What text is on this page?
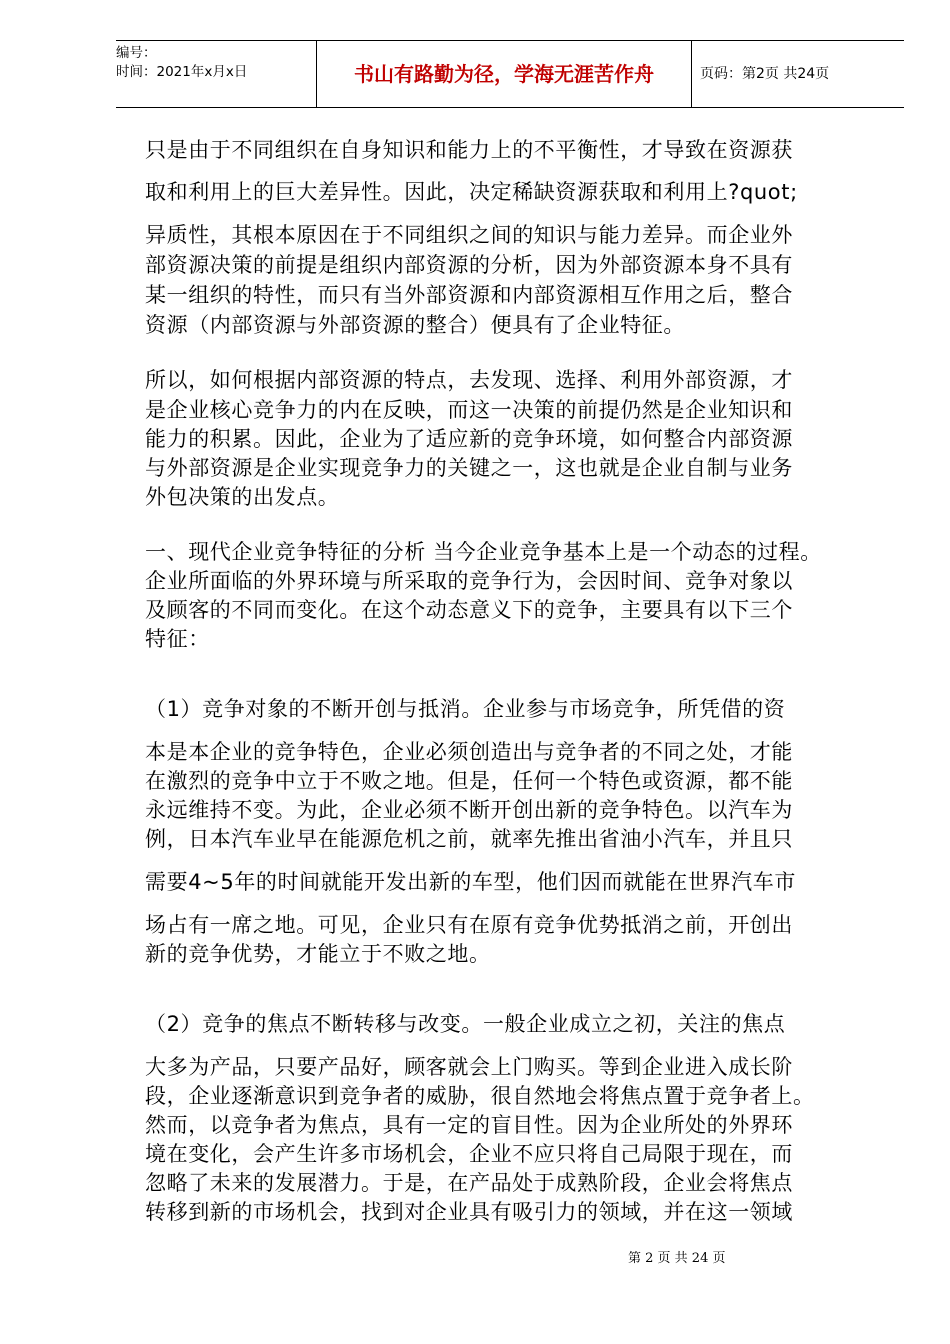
编号：
时间：2021年x月x日	书山有路勤为径，学海无涯苦作舟	页码：第2页 共24页
只是由于不同组织在自身知识和能力上的不平衡性，才导致在资源获
取和利用上的巨大差异性。因此，决定稀缺资源获取和利用上?quot;
异质性，其根本原因在于不同组织之间的知识与能力差异。而企业外
部资源决策的前提是组织内部资源的分析，因为外部资源本身不具有
某一组织的特性，而只有当外部资源和内部资源相互作用之后，整合
资源（内部资源与外部资源的整合）便具有了企业特征。
所以，如何根据内部资源的特点，去发现、选择、利用外部资源，才
是企业核心竞争力的内在反映，而这一决策的前提仍然是企业知识和
能力的积累。因此，企业为了适应新的竞争环境，如何整合内部资源
与外部资源是企业实现竞争力的关键之一，这也就是企业自制与业务
外包决策的出发点。
一、现代企业竞争特征的分析 当今企业竞争基本上是一个动态的过程。
企业所面临的外界环境与所采取的竞争行为，会因时间、竞争对象以
及顾客的不同而变化。在这个动态意义下的竞争，主要具有以下三个
特征：
（1）竞争对象的不断开创与抵消。企业参与市场竞争，所凭借的资
本是本企业的竞争特色，企业必须创造出与竞争者的不同之处，才能
在激烈的竞争中立于不败之地。但是，任何一个特色或资源，都不能
永远维持不变。为此，企业必须不断开创出新的竞争特色。以汽车为
例，日本汽车业早在能源危机之前，就率先推出省油小汽车，并且只
需要4~5年的时间就能开发出新的车型，他们因而就能在世界汽车市
场占有一席之地。可见，企业只有在原有竞争优势抵消之前，开创出
新的竞争优势，才能立于不败之地。
（2）竞争的焦点不断转移与改变。一般企业成立之初，关注的焦点
大多为产品，只要产品好，顾客就会上门购买。等到企业进入成长阶
段，企业逐渐意识到竞争者的威胁，很自然地会将焦点置于竞争者上。
然而，以竞争者为焦点，具有一定的盲目性。因为企业所处的外界环
境在变化，会产生许多市场机会，企业不应只将自己局限于现在，而
忽略了未来的发展潜力。于是，在产品处于成熟阶段，企业会将焦点
转移到新的市场机会，找到对企业具有吸引力的领域，并在这一领域
第 2 页 共 24 页
